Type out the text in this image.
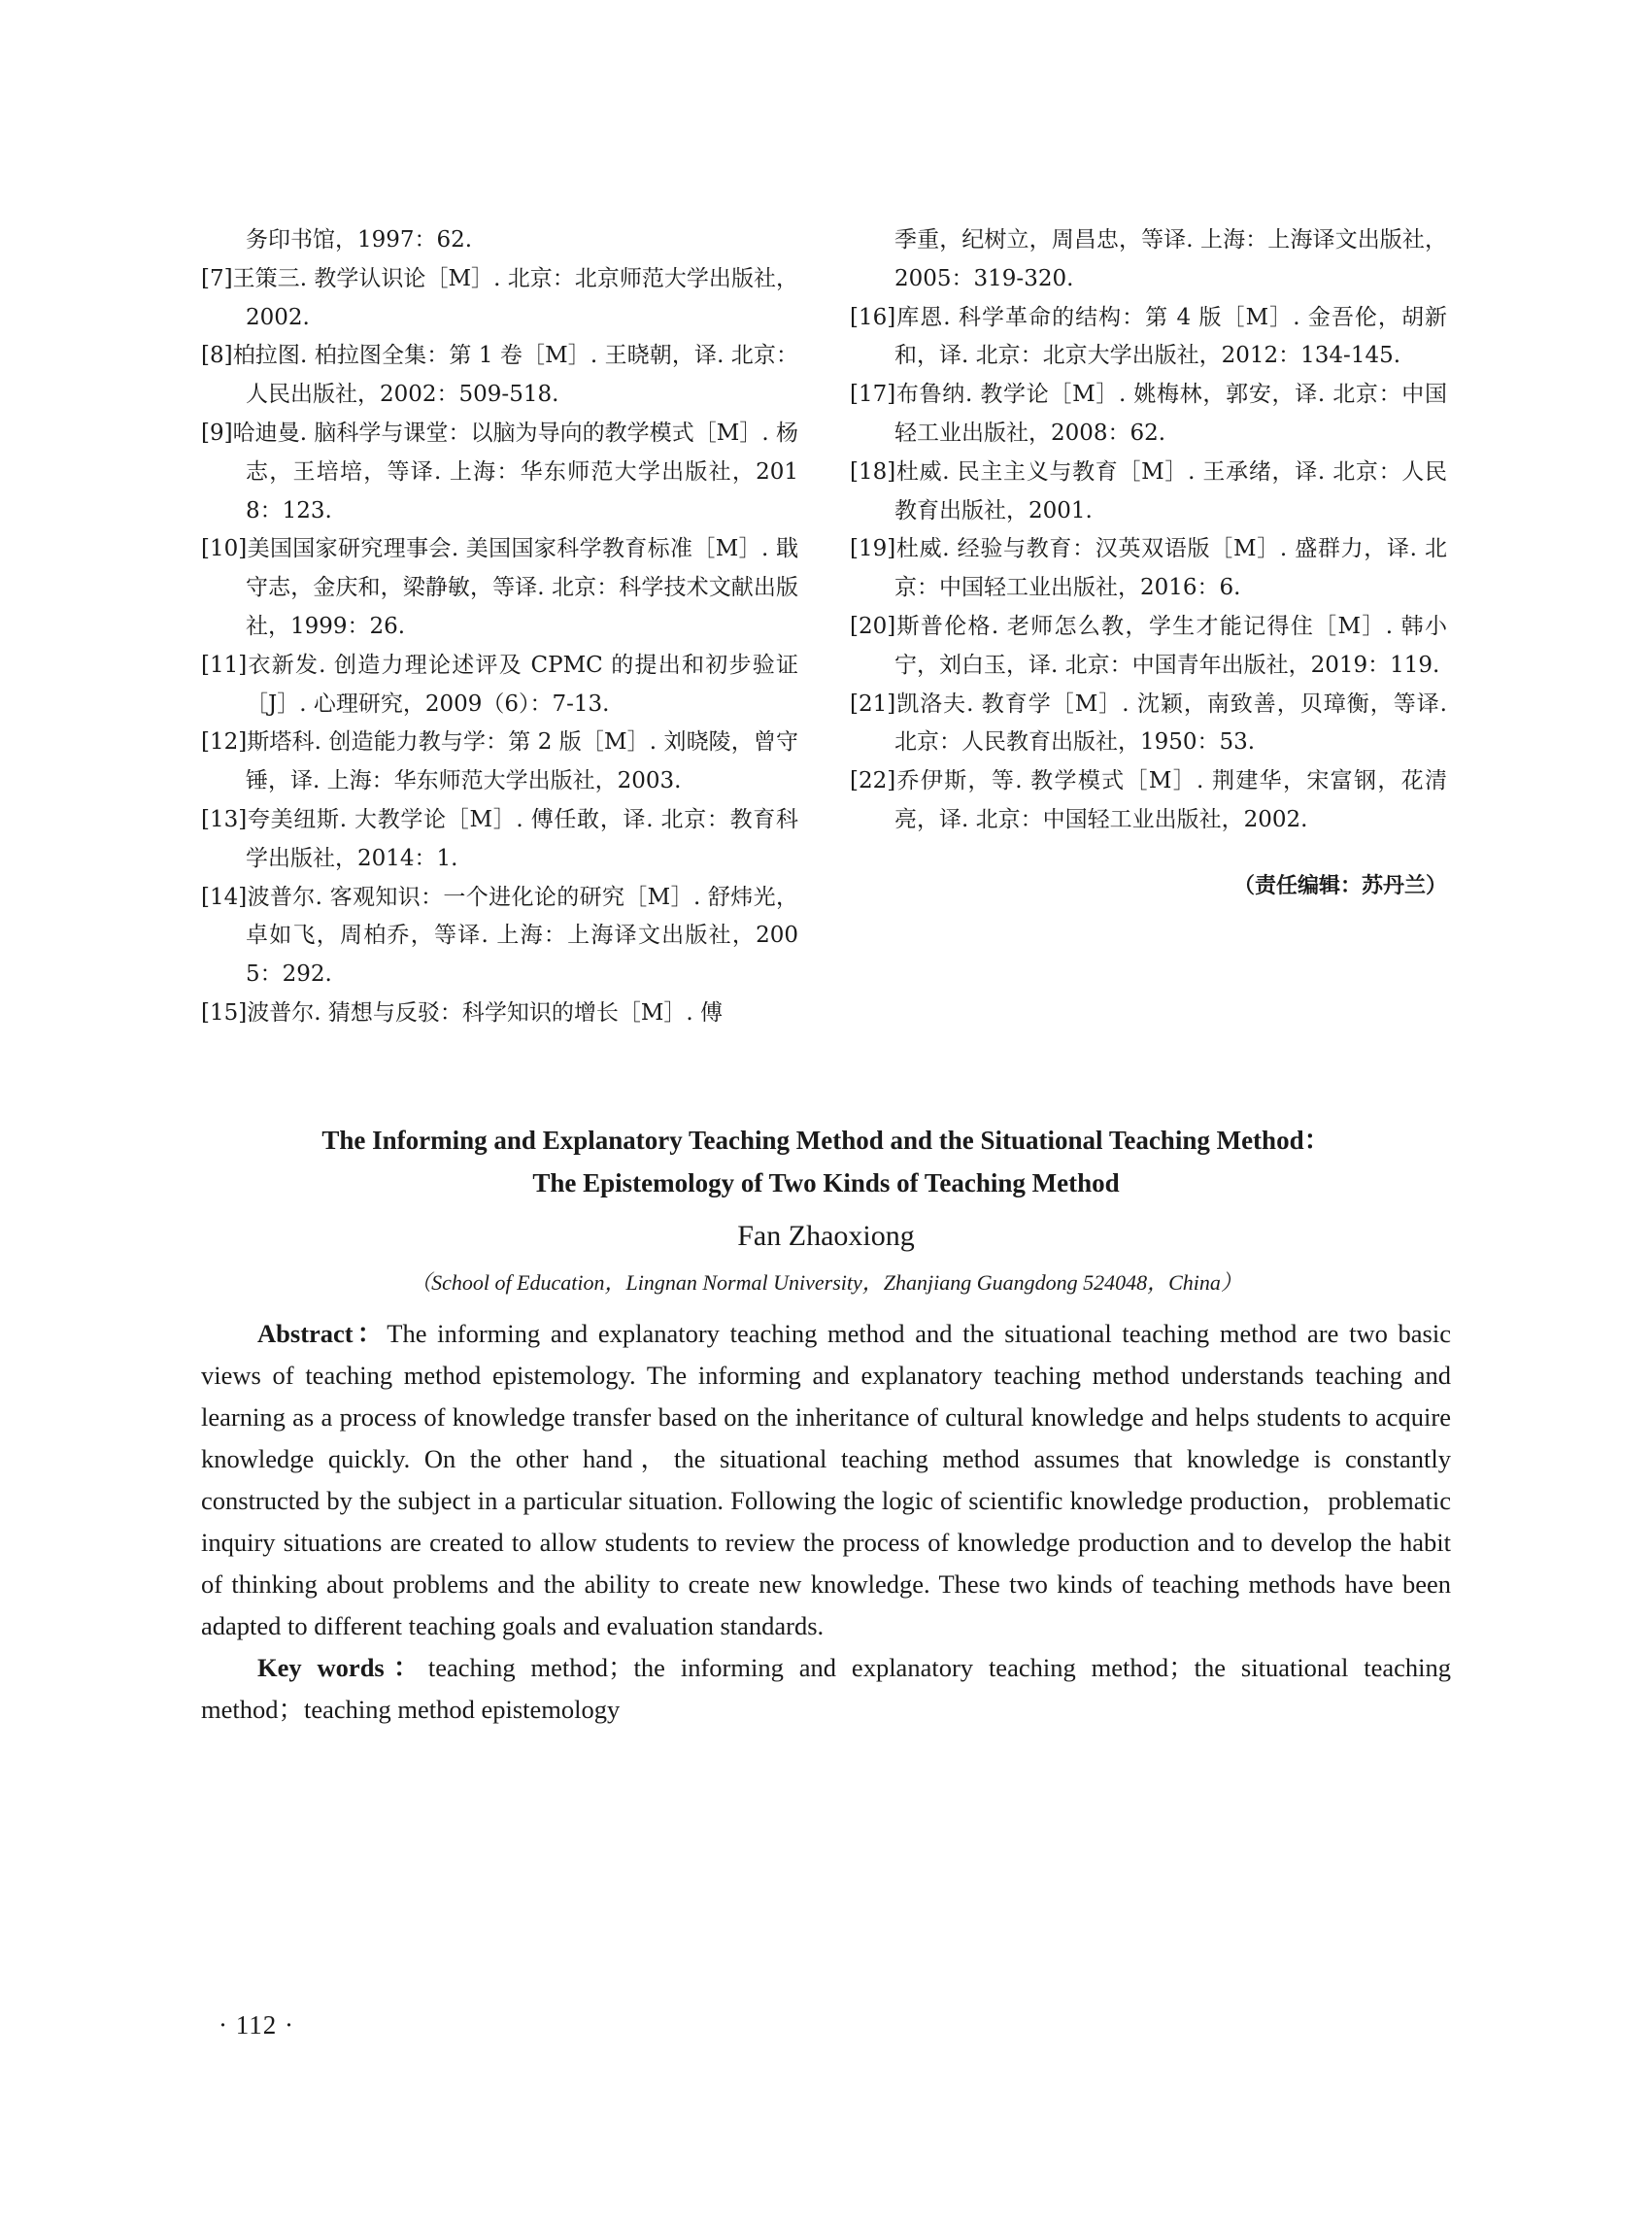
务印书馆，1997：62.

[7]王策三. 教学认识论［M］. 北京：北京师范大学出版社，2002.

[8]柏拉图. 柏拉图全集：第 1 卷［M］. 王晓朝，译. 北京：人民出版社，2002：509-518.

[9]哈迪曼. 脑科学与课堂：以脑为导向的教学模式［M］. 杨志，王培培，等译. 上海：华东师范大学出版社，2018：123.

[10]美国国家研究理事会. 美国国家科学教育标准［M］. 戢守志，金庆和，梁静敏，等译. 北京：科学技术文献出版社，1999：26.

[11]衣新发. 创造力理论述评及 CPMC 的提出和初步验证［J］. 心理研究，2009（6）：7-13.

[12]斯塔科. 创造能力教与学：第 2 版［M］. 刘晓陵，曾守锤，译. 上海：华东师范大学出版社，2003.

[13]夸美纽斯. 大教学论［M］. 傅任敢，译. 北京：教育科学出版社，2014：1.

[14]波普尔. 客观知识：一个进化论的研究［M］. 舒炜光，卓如飞，周柏乔，等译. 上海：上海译文出版社，2005：292.

[15]波普尔. 猜想与反驳：科学知识的增长［M］. 傅

季重，纪树立，周昌忠，等译. 上海：上海译文出版社，2005：319-320.

[16]库恩. 科学革命的结构：第 4 版［M］. 金吾伦，胡新和，译. 北京：北京大学出版社，2012：134-145.

[17]布鲁纳. 教学论［M］. 姚梅林，郭安，译. 北京：中国轻工业出版社，2008：62.

[18]杜威. 民主主义与教育［M］. 王承绪，译. 北京：人民教育出版社，2001.

[19]杜威. 经验与教育：汉英双语版［M］. 盛群力，译. 北京：中国轻工业出版社，2016：6.

[20]斯普伦格. 老师怎么教，学生才能记得住［M］. 韩小宁，刘白玉，译. 北京：中国青年出版社，2019：119.

[21]凯洛夫. 教育学［M］. 沈颖，南致善，贝璋衡，等译. 北京：人民教育出版社，1950：53.

[22]乔伊斯，等. 教学模式［M］. 荆建华，宋富钢，花清亮，译. 北京：中国轻工业出版社，2002.

（责任编辑：苏丹兰）
The Informing and Explanatory Teaching Method and the Situational Teaching Method：
The Epistemology of Two Kinds of Teaching Method
Fan Zhaoxiong
（School of Education，Lingnan Normal University，Zhanjiang Guangdong 524048，China）

Abstract：The informing and explanatory teaching method and the situational teaching method are two basic views of teaching method epistemology. The informing and explanatory teaching method understands teaching and learning as a process of knowledge transfer based on the inheritance of cultural knowledge and helps students to acquire knowledge quickly. On the other hand，the situational teaching method assumes that knowledge is constantly constructed by the subject in a particular situation. Following the logic of scientific knowledge production，problematic inquiry situations are created to allow students to review the process of knowledge production and to develop the habit of thinking about problems and the ability to create new knowledge. These two kinds of teaching methods have been adapted to different teaching goals and evaluation standards.

Key words：teaching method；the informing and explanatory teaching method；the situational teaching method；teaching method epistemology

· 112 ·
